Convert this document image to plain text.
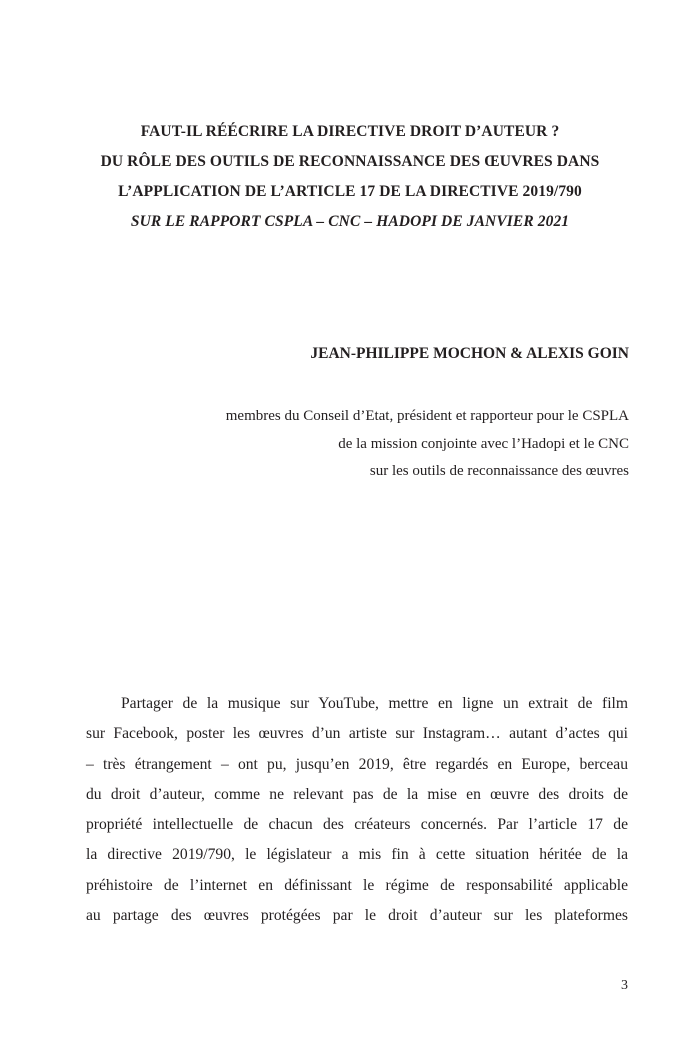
FAUT-IL RÉÉCRIRE LA DIRECTIVE DROIT D’AUTEUR ?
DU RÔLE DES OUTILS DE RECONNAISSANCE DES ŒUVRES DANS
L’APPLICATION DE L’ARTICLE 17 DE LA DIRECTIVE 2019/790
SUR LE RAPPORT CSPLA – CNC – HADOPI DE JANVIER 2021
JEAN-PHILIPPE MOCHON & ALEXIS GOIN
membres du Conseil d’Etat, président et rapporteur pour le CSPLA
de la mission conjointe avec l’Hadopi et le CNC
sur les outils de reconnaissance des œuvres
Partager de la musique sur YouTube, mettre en ligne un extrait de film
sur Facebook, poster les œuvres d’un artiste sur Instagram… autant d’actes qui
– très étrangement – ont pu, jusqu’en 2019, être regardés en Europe, berceau
du droit d’auteur, comme ne relevant pas de la mise en œuvre des droits de
propriété intellectuelle de chacun des créateurs concernés. Par l’article 17 de
la directive 2019/790, le législateur a mis fin à cette situation héritée de la
préhistoire de l’internet en définissant le régime de responsabilité applicable
au partage des œuvres protégées par le droit d’auteur sur les plateformes
3
